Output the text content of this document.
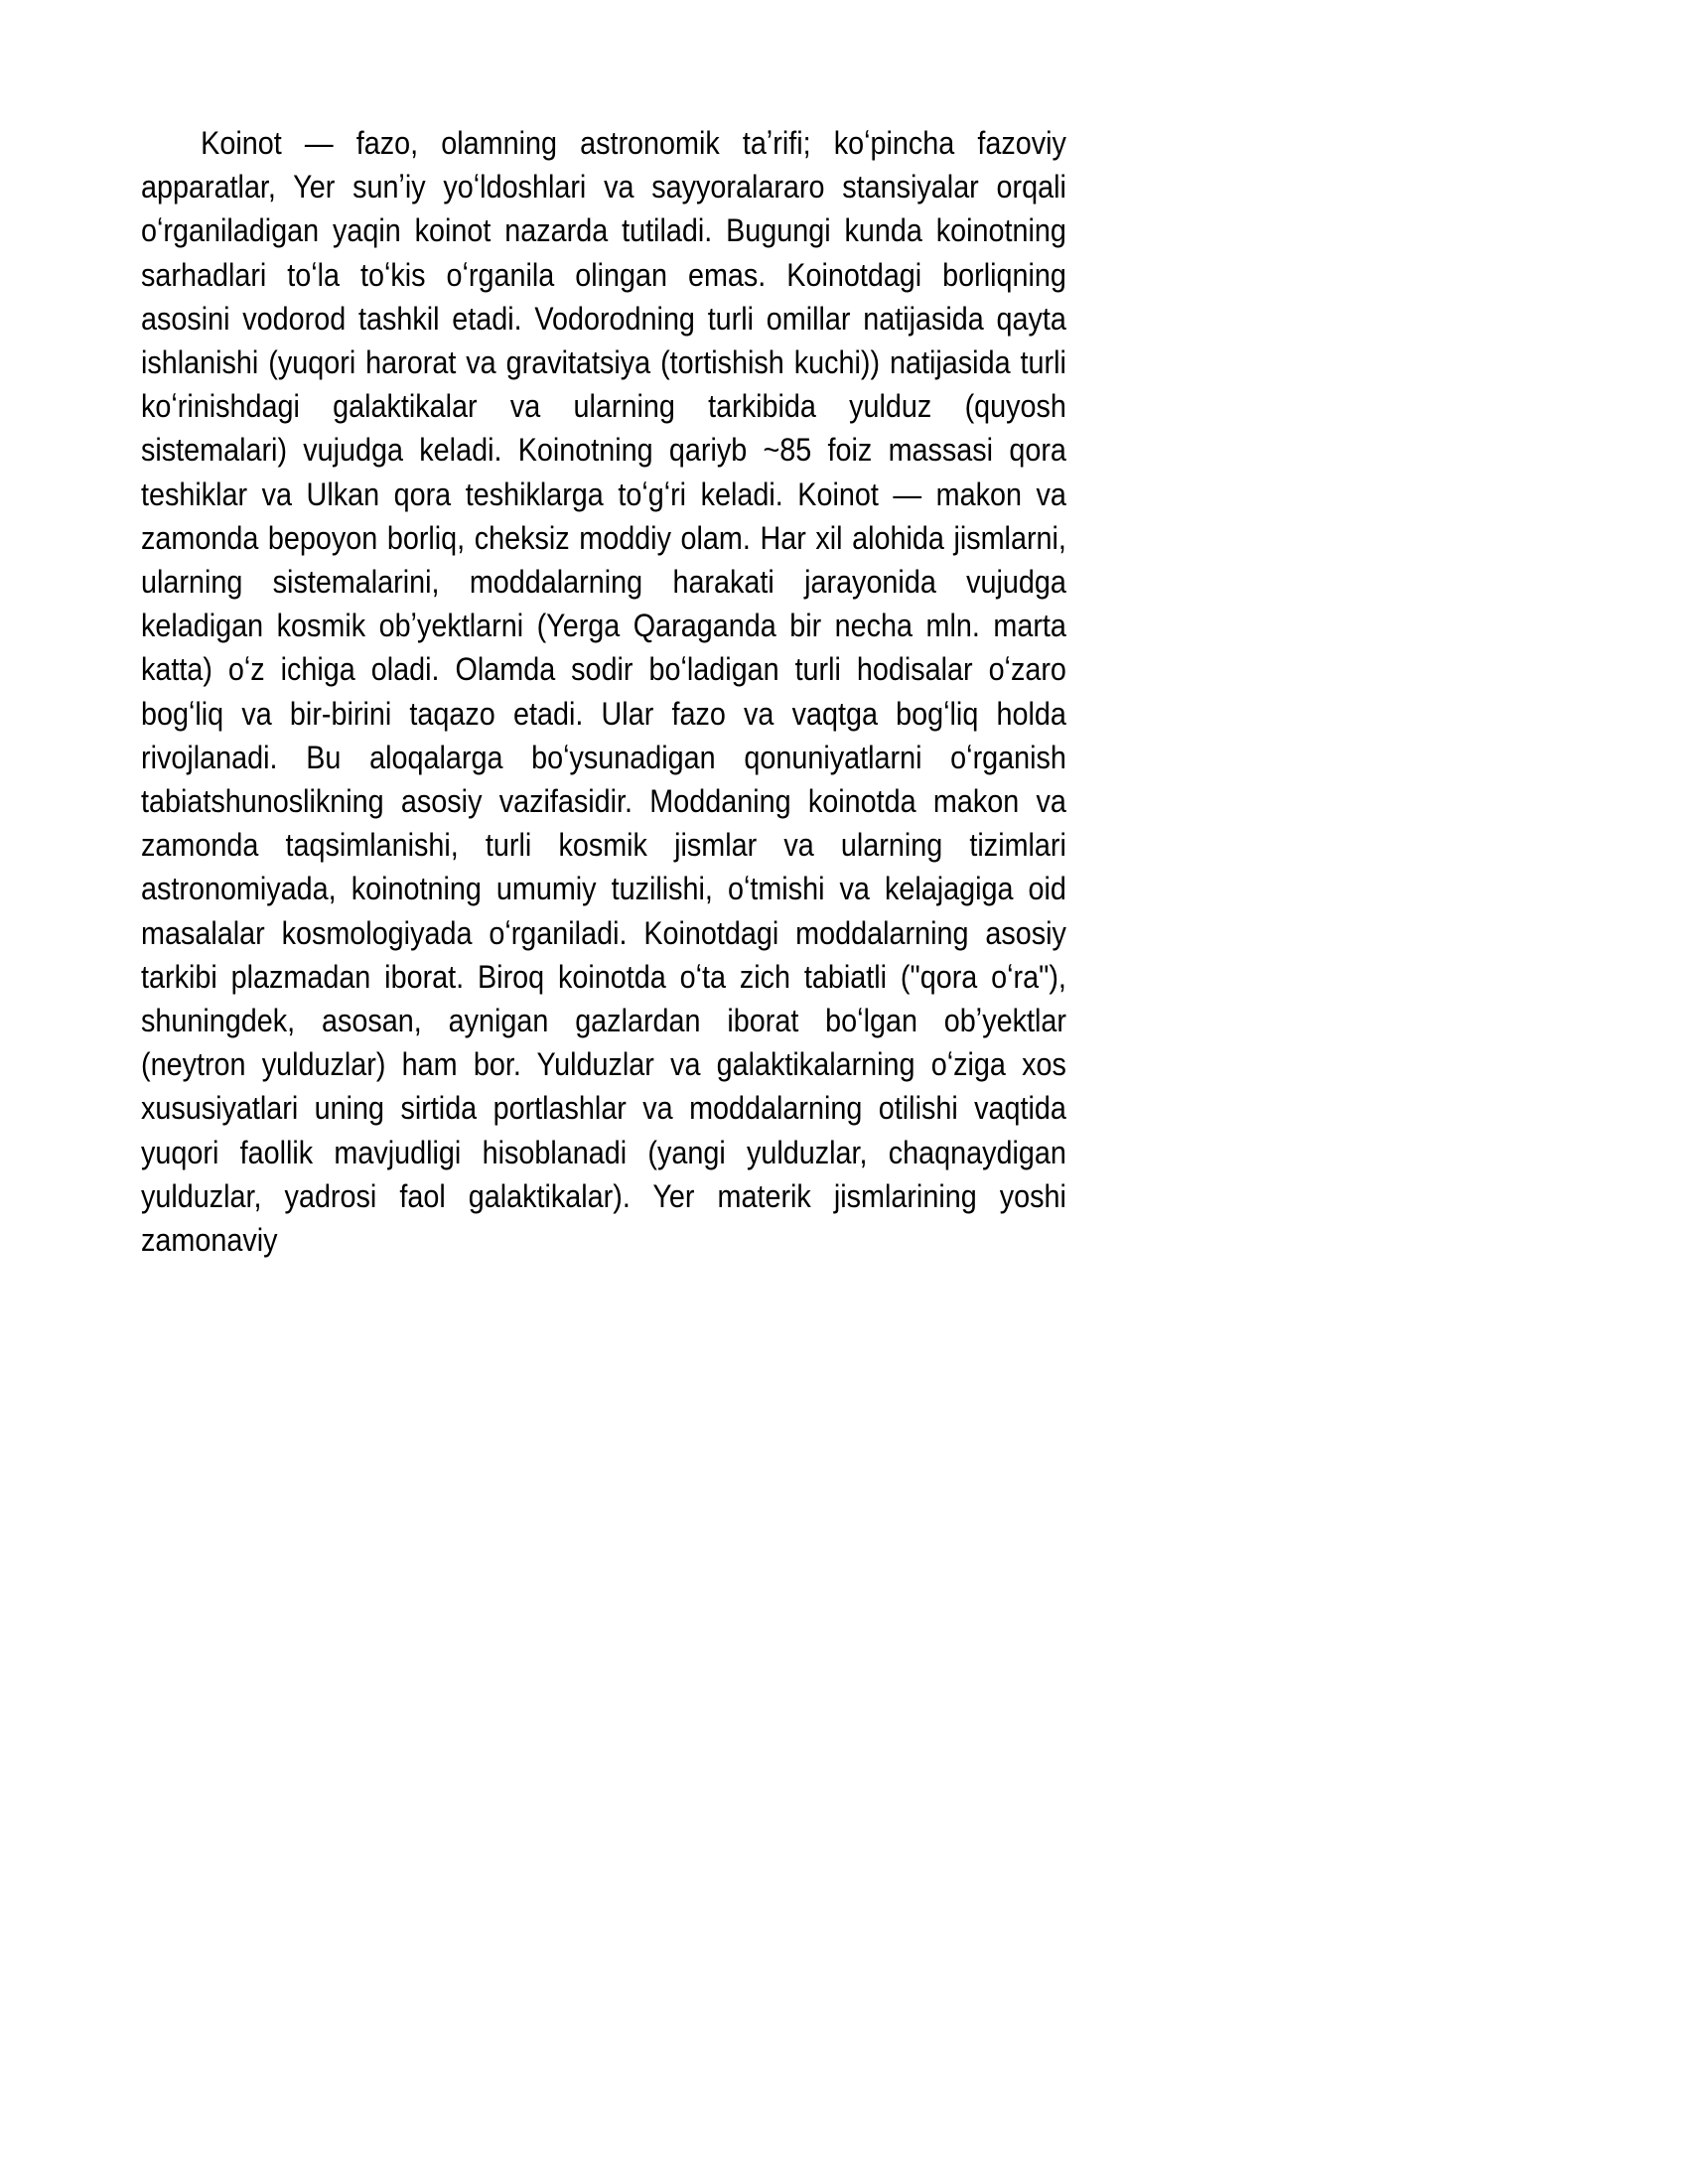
Koinot — fazo, olamning astronomik taʼrifi; koʻpincha fazoviy apparatlar, Yer sunʼiy yoʻldoshlari va sayyoralararo stansiyalar orqali oʻrganiladigan yaqin koinot nazarda tutiladi. Bugungi kunda koinotning sarhadlari toʻla toʻkis oʻrganila olingan emas. Koinotdagi borliqning asosini vodorod tashkil etadi. Vodorodning turli omillar natijasida qayta ishlanishi (yuqori harorat va gravitatsiya (tortishish kuchi)) natijasida turli koʻrinishdagi galaktikalar va ularning tarkibida yulduz (quyosh sistemalari) vujudga keladi. Koinotning qariyb ~85 foiz massasi qora teshiklar va Ulkan qora teshiklarga toʻgʻri keladi. Koinot — makon va zamonda bepoyon borliq, cheksiz moddiy olam. Har xil alohida jismlarni, ularning sistemalarini, moddalarning harakati jarayonida vujudga keladigan kosmik obʼyektlarni (Yerga Qaraganda bir necha mln. marta katta) oʻz ichiga oladi. Olamda sodir boʻladigan turli hodisalar oʻzaro bogʻliq va bir-birini taqazo etadi. Ular fazo va vaqtga bogʻliq holda rivojlanadi. Bu aloqalarga boʻysunadigan qonuniyatlarni oʻrganish tabiatshunoslikning asosiy vazifasidir. Moddaning koinotda makon va zamonda taqsimlanishi, turli kosmik jismlar va ularning tizimlari astronomiyada, koinotning umumiy tuzilishi, oʻtmishi va kelajagiga oid masalalar kosmologiyada oʻrganiladi. Koinotdagi moddalarning asosiy tarkibi plazmadan iborat. Biroq koinotda oʻta zich tabiatli ("qora oʻra"), shuningdek, asosan, aynigan gazlardan iborat boʻlgan obʼyektlar (neytron yulduzlar) ham bor. Yulduzlar va galaktikalarning oʻziga xos xususiyatlari uning sirtida portlashlar va moddalarning otilishi vaqtida yuqori faollik mavjudligi hisoblanadi (yangi yulduzlar, chaqnaydigan yulduzlar, yadrosi faol galaktikalar). Yer materik jismlarining yoshi zamonaviy
